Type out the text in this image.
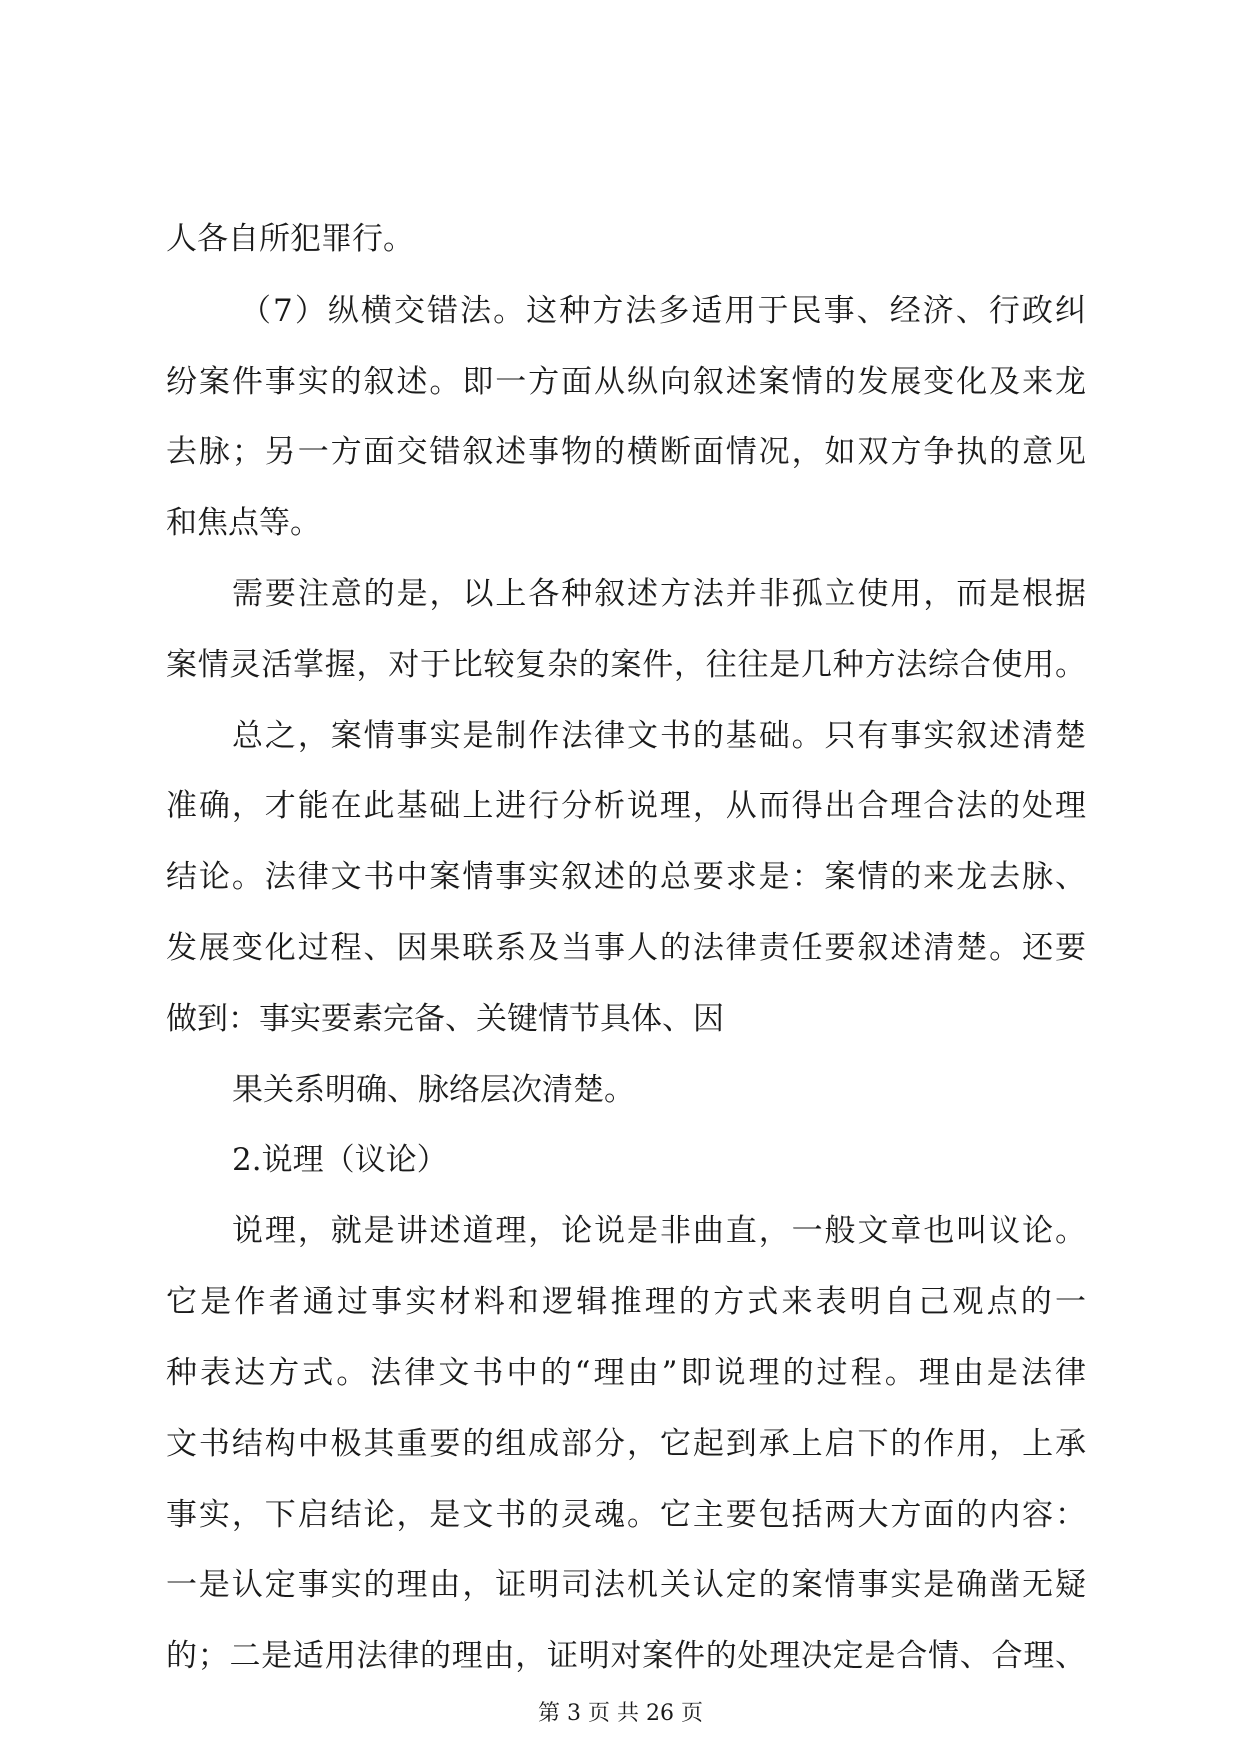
人各自所犯罪行。

（7）纵横交错法。这种方法多适用于民事、经济、行政纠

纷案件事实的叙述。即一方面从纵向叙述案情的发展变化及来龙

去脉；另一方面交错叙述事物的横断面情况，如双方争执的意见

和焦点等。

需要注意的是，以上各种叙述方法并非孤立使用，而是根据

案情灵活掌握，对于比较复杂的案件，往往是几种方法综合使用。

总之，案情事实是制作法律文书的基础。只有事实叙述清楚

准确，才能在此基础上进行分析说理，从而得出合理合法的处理

结论。法律文书中案情事实叙述的总要求是：案情的来龙去脉、

发展变化过程、因果联系及当事人的法律责任要叙述清楚。还要

做到：事实要素完备、关键情节具体、因

果关系明确、脉络层次清楚。

2.说理（议论）

说理，就是讲述道理，论说是非曲直，一般文章也叫议论。

它是作者通过事实材料和逻辑推理的方式来表明自己观点的一

种表达方式。法律文书中的“理由”即说理的过程。理由是法律

文书结构中极其重要的组成部分，它起到承上启下的作用，上承

事实，下启结论，是文书的灵魂。它主要包括两大方面的内容：

一是认定事实的理由，证明司法机关认定的案情事实是确凿无疑

的；二是适用法律的理由，证明对案件的处理决定是合情、合理、

第 3 页 共 26 页
